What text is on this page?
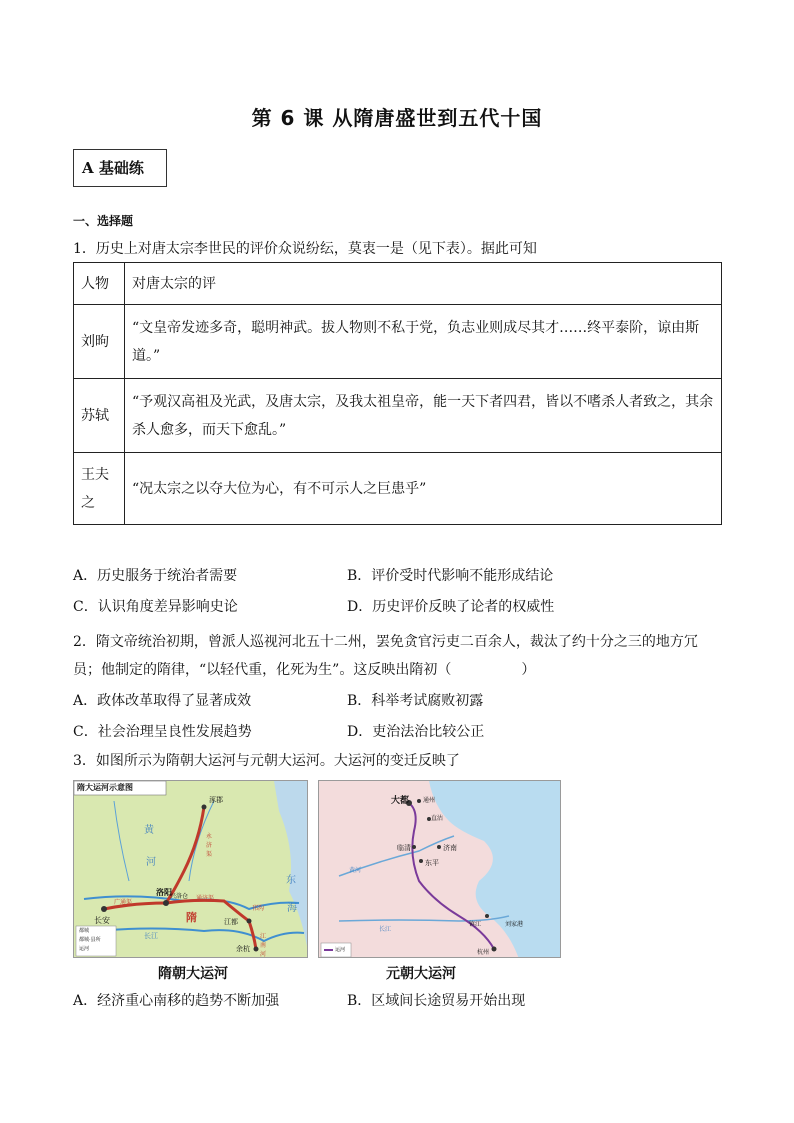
第 6 课 从隋唐盛世到五代十国
A 基础练
一、选择题
1．历史上对唐太宗李世民的评价众说纷纭，莫衷一是（见下表）。据此可知
人物	对唐太宗的评
刘昫	“文皇帝发迹多奇，聪明神武。拔人物则不私于党，负志业则成尽其才……终平泰阶，谅由斯道。”
苏轼	“予观汉高祖及光武，及唐太宗，及我太祖皇帝，能一天下者四君，皆以不嗜杀人者致之，其余杀人愈多，而天下愈乱。”
王夫之	“况太宗之以夺大位为心，有不可示人之巨患乎”
A．历史服务于统治者需要	B．评价受时代影响不能形成结论
C．认识角度差异影响史论	D．历史评价反映了论者的权威性
2．隋文帝统治初期，曾派人巡视河北五十二州，罢免贪官污吏二百余人，裁汰了约十分之三的地方冗员；他制定的隋律，“以轻代重，化死为生”。这反映出隋初（　　　　　）
A．政体改革取得了显著成效	B．科举考试腐败初露
C．社会治理呈良性发展趋势	D．吏治法治比较公正
3．如图所示为隋朝大运河与元朝大运河。大运河的变迁反映了
隋大运河示意图
涿郡
长安
洛阳
兴洛仓
江都
余杭
隋
永济渠
通济渠
广通渠
邗沟
江南河
黄
河
东
海
长江
都城
都城·县所
运河
大都 通州
直沽
临清	济南
东平
镇江
杭州
刘家港
黄河
长江
运河
隋朝大运河	元朝大运河
A．经济重心南移的趋势不断加强	B．区域间长途贸易开始出现
